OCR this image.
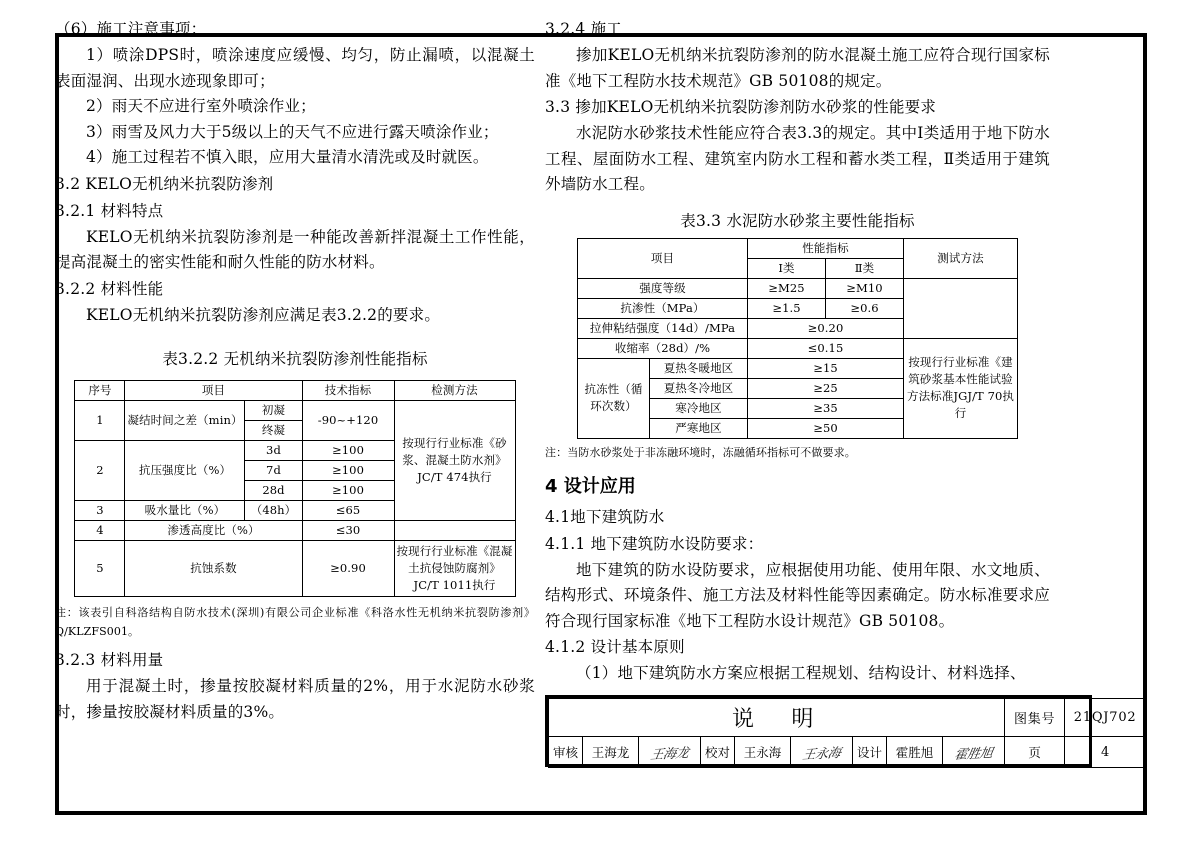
（6）施工注意事项：

1）喷涂DPS时，喷涂速度应缓慢、均匀，防止漏喷，以混凝土表面湿润、出现水迹现象即可；

2）雨天不应进行室外喷涂作业；

3）雨雪及风力大于5级以上的天气不应进行露天喷涂作业；

4）施工过程若不慎入眼，应用大量清水清洗或及时就医。

3.2 KELO无机纳米抗裂防渗剂

3.2.1 材料特点

KELO无机纳米抗裂防渗剂是一种能改善新拌混凝土工作性能，提高混凝土的密实性能和耐久性能的防水材料。

3.2.2 材料性能

KELO无机纳米抗裂防渗剂应满足表3.2.2的要求。

表3.2.2 无机纳米抗裂防渗剂性能指标

序号	项目		技术指标	检测方法
1	凝结时间之差（min）	初凝	-90~+120	按现行行业标准《砂浆、混凝土防水剂》JC/T 474执行
		终凝		
2	抗压强度比（%）	3d	≥100	
		7d	≥100	
		28d	≥100	
3	吸水量比（%）	（48h）	≤65	
4	渗透高度比（%）		≤30	
5	抗蚀系数		≥0.90	按现行行业标准《混凝土抗侵蚀防腐剂》JC/T 1011执行

注：该表引自科洛结构自防水技术(深圳)有限公司企业标准《科洛水性无机纳米抗裂防渗剂》Q/KLZFS001。

3.2.3 材料用量

用于混凝土时，掺量按胶凝材料质量的2%，用于水泥防水砂浆时，掺量按胶凝材料质量的3%。

3.2.4 施工

掺加KELO无机纳米抗裂防渗剂的防水混凝土施工应符合现行国家标准《地下工程防水技术规范》GB 50108的规定。

3.3 掺加KELO无机纳米抗裂防渗剂防水砂浆的性能要求

水泥防水砂浆技术性能应符合表3.3的规定。其中Ⅰ类适用于地下防水工程、屋面防水工程、建筑室内防水工程和蓄水类工程，Ⅱ类适用于建筑外墙防水工程。

表3.3 水泥防水砂浆主要性能指标

项目		性能指标		测试方法
		Ⅰ类	Ⅱ类	
强度等级		≥M25	≥M10	
抗渗性（MPa）		≥1.5	≥0.6	
拉伸粘结强度（14d）/MPa		≥0.20		
收缩率（28d）/%		≤0.15		按现行行业标准《建筑砂浆基本性能试验方法标准JGJ/T 70执行
抗冻性（循环次数）	夏热冬暖地区	≥15		
	夏热冬冷地区	≥25		
	寒冷地区	≥35		
	严寒地区	≥50		

注：当防水砂浆处于非冻融环境时，冻融循环指标可不做要求。

4 设计应用

4.1地下建筑防水

4.1.1 地下建筑防水设防要求：

地下建筑的防水设防要求，应根据使用功能、使用年限、水文地质、结构形式、环境条件、施工方法及材料性能等因素确定。防水标准要求应符合现行国家标准《地下工程防水设计规范》GB 50108。

4.1.2 设计基本原则

（1）地下建筑防水方案应根据工程规划、结构设计、材料选择、

说　明									图集号	21QJ702
审核	王海龙	王海龙	校对	王永海	王永海	设计	霍胜旭	霍胜旭	页	4
